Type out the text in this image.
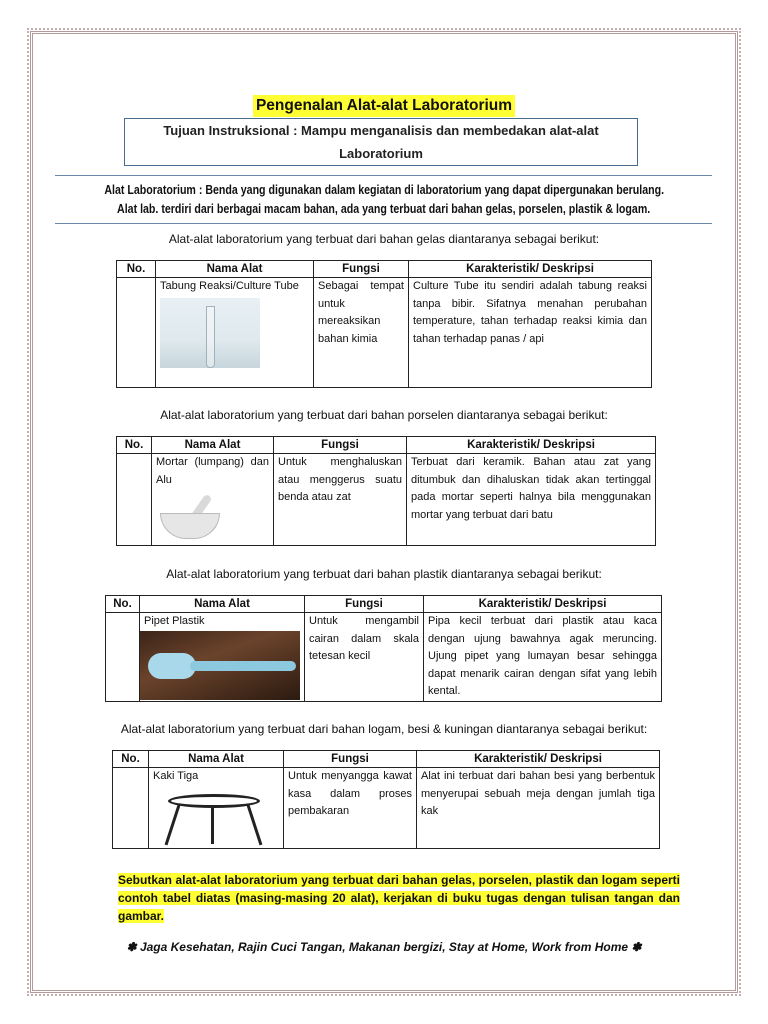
Pengenalan Alat-alat Laboratorium
Tujuan Instruksional : Mampu menganalisis dan membedakan alat-alat Laboratorium
Alat Laboratorium : Benda yang digunakan dalam kegiatan di laboratorium yang dapat dipergunakan berulang.
Alat lab. terdiri dari berbagai macam bahan, ada yang terbuat dari bahan gelas, porselen, plastik & logam.
Alat-alat laboratorium yang terbuat dari bahan gelas diantaranya sebagai berikut:
No.	Nama Alat	Fungsi	Karakteristik/ Deskripsi

	Tabung Reaksi/Culture Tube	Sebagai tempat untuk mereaksikan bahan kimia	Culture Tube itu sendiri adalah tabung reaksi tanpa bibir. Sifatnya menahan perubahan temperature, tahan terhadap reaksi kimia dan tahan terhadap panas / api
Alat-alat laboratorium yang terbuat dari bahan porselen diantaranya sebagai berikut:
No.	Nama Alat	Fungsi	Karakteristik/ Deskripsi

	Mortar (lumpang) dan Alu	Untuk menghaluskan atau menggerus suatu benda atau zat	Terbuat dari keramik. Bahan atau zat yang ditumbuk dan dihaluskan tidak akan tertinggal pada mortar seperti halnya bila menggunakan mortar yang terbuat dari batu
Alat-alat laboratorium yang terbuat dari bahan plastik diantaranya sebagai berikut:
No.	Nama Alat	Fungsi	Karakteristik/ Deskripsi

	Pipet Plastik	Untuk mengambil cairan dalam skala tetesan kecil	Pipa kecil terbuat dari plastik atau kaca dengan ujung bawahnya agak meruncing. Ujung pipet yang lumayan besar sehingga dapat menarik cairan dengan sifat yang lebih kental.
Alat-alat laboratorium yang terbuat dari bahan logam, besi & kuningan diantaranya sebagai berikut:
No.	Nama Alat	Fungsi	Karakteristik/ Deskripsi

	Kaki Tiga	Untuk menyangga kawat kasa dalam proses pembakaran	Alat ini terbuat dari bahan besi yang berbentuk menyerupai sebuah meja dengan jumlah tiga kak
Sebutkan alat-alat laboratorium yang terbuat dari bahan gelas, porselen, plastik dan logam seperti contoh tabel diatas (masing-masing 20 alat), kerjakan di buku tugas dengan tulisan tangan dan gambar.
✽ Jaga Kesehatan, Rajin Cuci Tangan, Makanan bergizi, Stay at Home, Work from Home ✽
